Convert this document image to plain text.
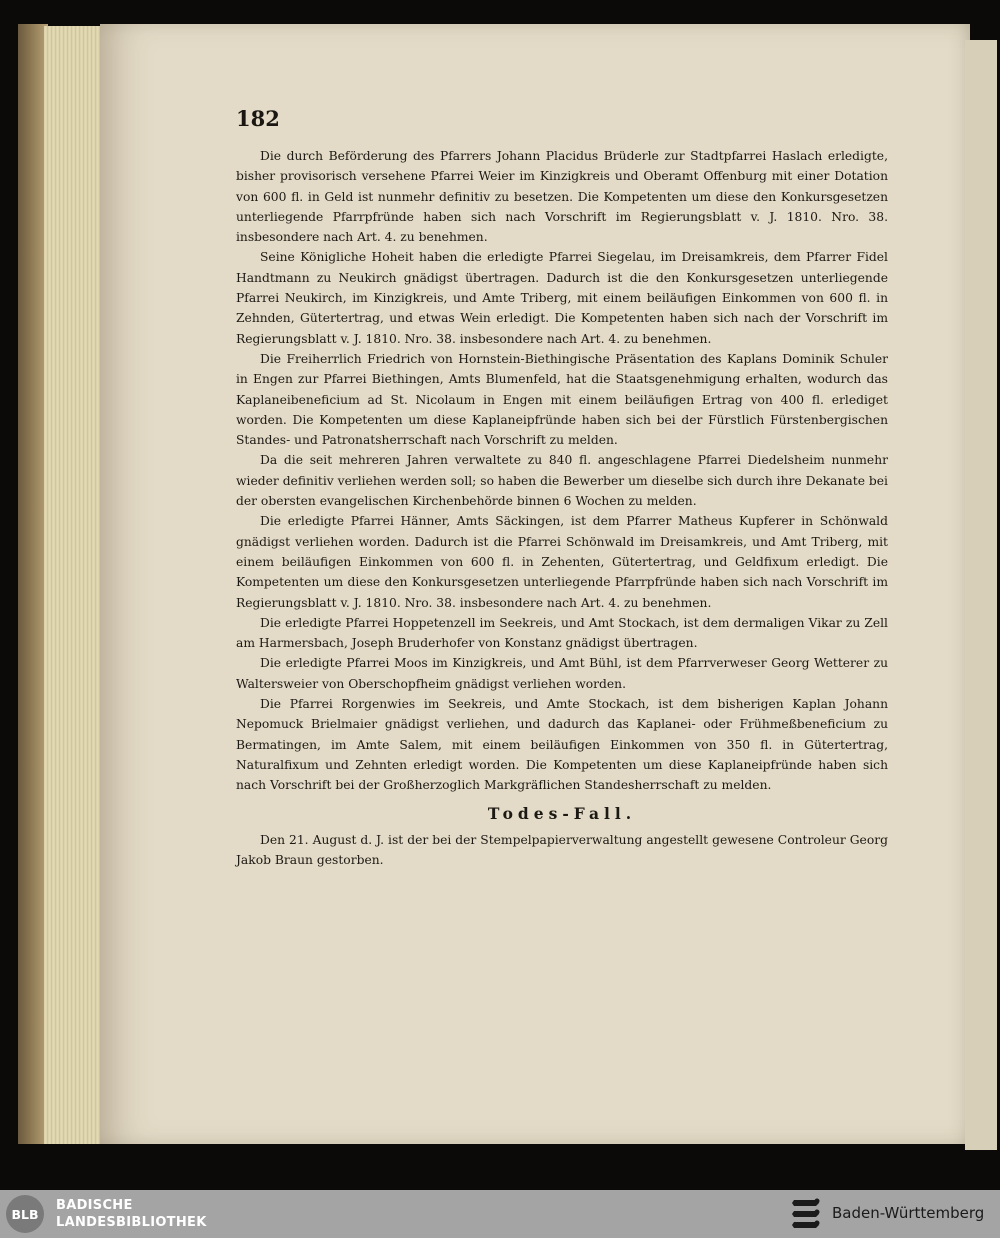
182

Die durch Beförderung des Pfarrers Johann Placidus Brüderle zur Stadtpfarrei Haslach erledigte, bisher provisorisch versehene Pfarrei Weier im Kinzigkreis und Oberamt Offenburg mit einer Dotation von 600 fl. in Geld ist nunmehr definitiv zu besetzen. Die Kompetenten um diese den Konkursgesetzen unterliegende Pfarrpfründe haben sich nach Vorschrift im Regierungsblatt v. J. 1810. Nro. 38. insbesondere nach Art. 4. zu benehmen.

Seine Königliche Hoheit haben die erledigte Pfarrei Siegelau, im Dreisamkreis, dem Pfarrer Fidel Handtmann zu Neukirch gnädigst übertragen. Dadurch ist die den Konkursgesetzen unterliegende Pfarrei Neukirch, im Kinzigkreis, und Amte Triberg, mit einem beiläufigen Einkommen von 600 fl. in Zehnden, Gütertertrag, und etwas Wein erledigt. Die Kompetenten haben sich nach der Vorschrift im Regierungsblatt v. J. 1810. Nro. 38. insbesondere nach Art. 4. zu benehmen.

Die Freiherrlich Friedrich von Hornstein-Biethingische Präsentation des Kaplans Dominik Schuler in Engen zur Pfarrei Biethingen, Amts Blumenfeld, hat die Staatsgenehmigung erhalten, wodurch das Kaplaneibeneficium ad St. Nicolaum in Engen mit einem beiläufigen Ertrag von 400 fl. erlediget worden. Die Kompetenten um diese Kaplaneipfründe haben sich bei der Fürstlich Fürstenbergischen Standes- und Patronatsherrschaft nach Vorschrift zu melden.

Da die seit mehreren Jahren verwaltete zu 840 fl. angeschlagene Pfarrei Diedelsheim nunmehr wieder definitiv verliehen werden soll; so haben die Bewerber um dieselbe sich durch ihre Dekanate bei der obersten evangelischen Kirchenbehörde binnen 6 Wochen zu melden.

Die erledigte Pfarrei Hänner, Amts Säckingen, ist dem Pfarrer Matheus Kupferer in Schönwald gnädigst verliehen worden. Dadurch ist die Pfarrei Schönwald im Dreisamkreis, und Amt Triberg, mit einem beiläufigen Einkommen von 600 fl. in Zehenten, Gütertertrag, und Geldfixum erledigt. Die Kompetenten um diese den Konkursgesetzen unterliegende Pfarrpfründe haben sich nach Vorschrift im Regierungsblatt v. J. 1810. Nro. 38. insbesondere nach Art. 4. zu benehmen.

Die erledigte Pfarrei Hoppetenzell im Seekreis, und Amt Stockach, ist dem dermaligen Vikar zu Zell am Harmersbach, Joseph Bruderhofer von Konstanz gnädigst übertragen.

Die erledigte Pfarrei Moos im Kinzigkreis, und Amt Bühl, ist dem Pfarrverweser Georg Wetterer zu Waltersweier von Oberschopfheim gnädigst verliehen worden.

Die Pfarrei Rorgenwies im Seekreis, und Amte Stockach, ist dem bisherigen Kaplan Johann Nepomuck Brielmaier gnädigst verliehen, und dadurch das Kaplanei- oder Frühmeßbeneficium zu Bermatingen, im Amte Salem, mit einem beiläufigen Einkommen von 350 fl. in Gütertertrag, Naturalfixum und Zehnten erledigt worden. Die Kompetenten um diese Kaplaneipfründe haben sich nach Vorschrift bei der Großherzoglich Markgräflichen Standesherrschaft zu melden.

Todes-Fall.

Den 21. August d. J. ist der bei der Stempelpapierverwaltung angestellt gewesene Controleur Georg Jakob Braun gestorben.

BLB
BADISCHE
LANDESBIBLIOTHEK
Baden-Württemberg
